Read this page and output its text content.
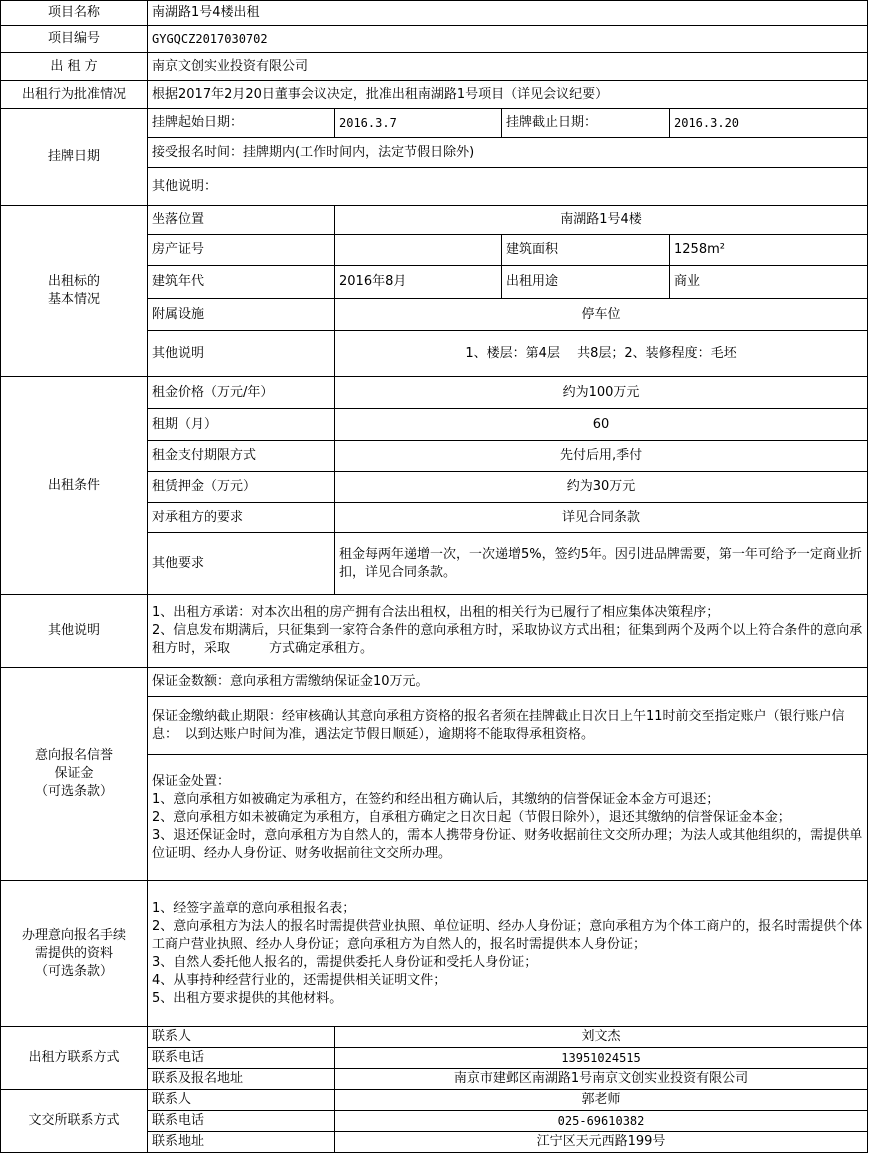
项目名称	南湖路1号4楼出租			
项目编号	GYGQCZ2017030702			
出 租 方	南京文创实业投资有限公司			
出租行为批准情况	根据2017年2月20日董事会议决定，批准出租南湖路1号项目（详见会议纪要）			
挂牌日期	挂牌起始日期：	2016.3.7	挂牌截止日期：	2016.3.20
	接受报名时间：挂牌期内(工作时间内，法定节假日除外)			
	其他说明：			

出租标的
基本情况	坐落位置	南湖路1号4楼		
	房产证号		建筑面积	1258m²
	建筑年代	2016年8月	出租用途	商业
	附属设施	停车位		
	其他说明	1、楼层：第4层　 共8层；2、装修程度：毛坯		
出租条件	租金价格（万元/年）	约为100万元		
	租期（月）	60		
	租金支付期限方式	先付后用,季付		
	租赁押金（万元）	约为30万元		
	对承租方的要求	详见合同条款		
	其他要求	租金每两年递增一次，一次递增5%，签约5年。因引进品牌需要，第一年可给予一定商业折扣，详见合同条款。		
其他说明	1、出租方承诺：对本次出租的房产拥有合法出租权，出租的相关行为已履行了相应集体决策程序；
2、信息发布期满后，只征集到一家符合条件的意向承租方时，采取协议方式出租；征集到两个及两个以上符合条件的意向承租方时，采取　　　方式确定承租方。			

意向报名信誉
保证金
（可选条款）	保证金数额：意向承租方需缴纳保证金10万元。			
	保证金缴纳截止期限：经审核确认其意向承租方资格的报名者须在挂牌截止日次日上午11时前交至指定账户（银行账户信息：　以到达账户时间为准，遇法定节假日顺延），逾期将不能取得承租资格。			

	保证金处置：
1、意向承租方如被确定为承租方，在签约和经出租方确认后，其缴纳的信誉保证金本金方可退还；
2、意向承租方如未被确定为承租方，自承租方确定之日次日起（节假日除外），退还其缴纳的信誉保证金本金；
3、退还保证金时，意向承租方为自然人的，需本人携带身份证、财务收据前往文交所办理；为法人或其他组织的，需提供单位证明、经办人身份证、财务收据前往文交所办理。			

办理意向报名手续
需提供的资料
（可选条款）	1、经签字盖章的意向承租报名表；
2、意向承租方为法人的报名时需提供营业执照、单位证明、经办人身份证；意向承租方为个体工商户的，报名时需提供个体工商户营业执照、经办人身份证；意向承租方为自然人的，报名时需提供本人身份证；
3、自然人委托他人报名的，需提供委托人身份证和受托人身份证；
4、从事持种经营行业的，还需提供相关证明文件；
5、出租方要求提供的其他材料。			

出租方联系方式	联系人	刘文杰		
	联系电话	13951024515		
	联系及报名地址	南京市建邺区南湖路1号南京文创实业投资有限公司		
文交所联系方式	联系人	郭老师		
	联系电话	025-69610382		
	联系地址	江宁区天元西路199号		
